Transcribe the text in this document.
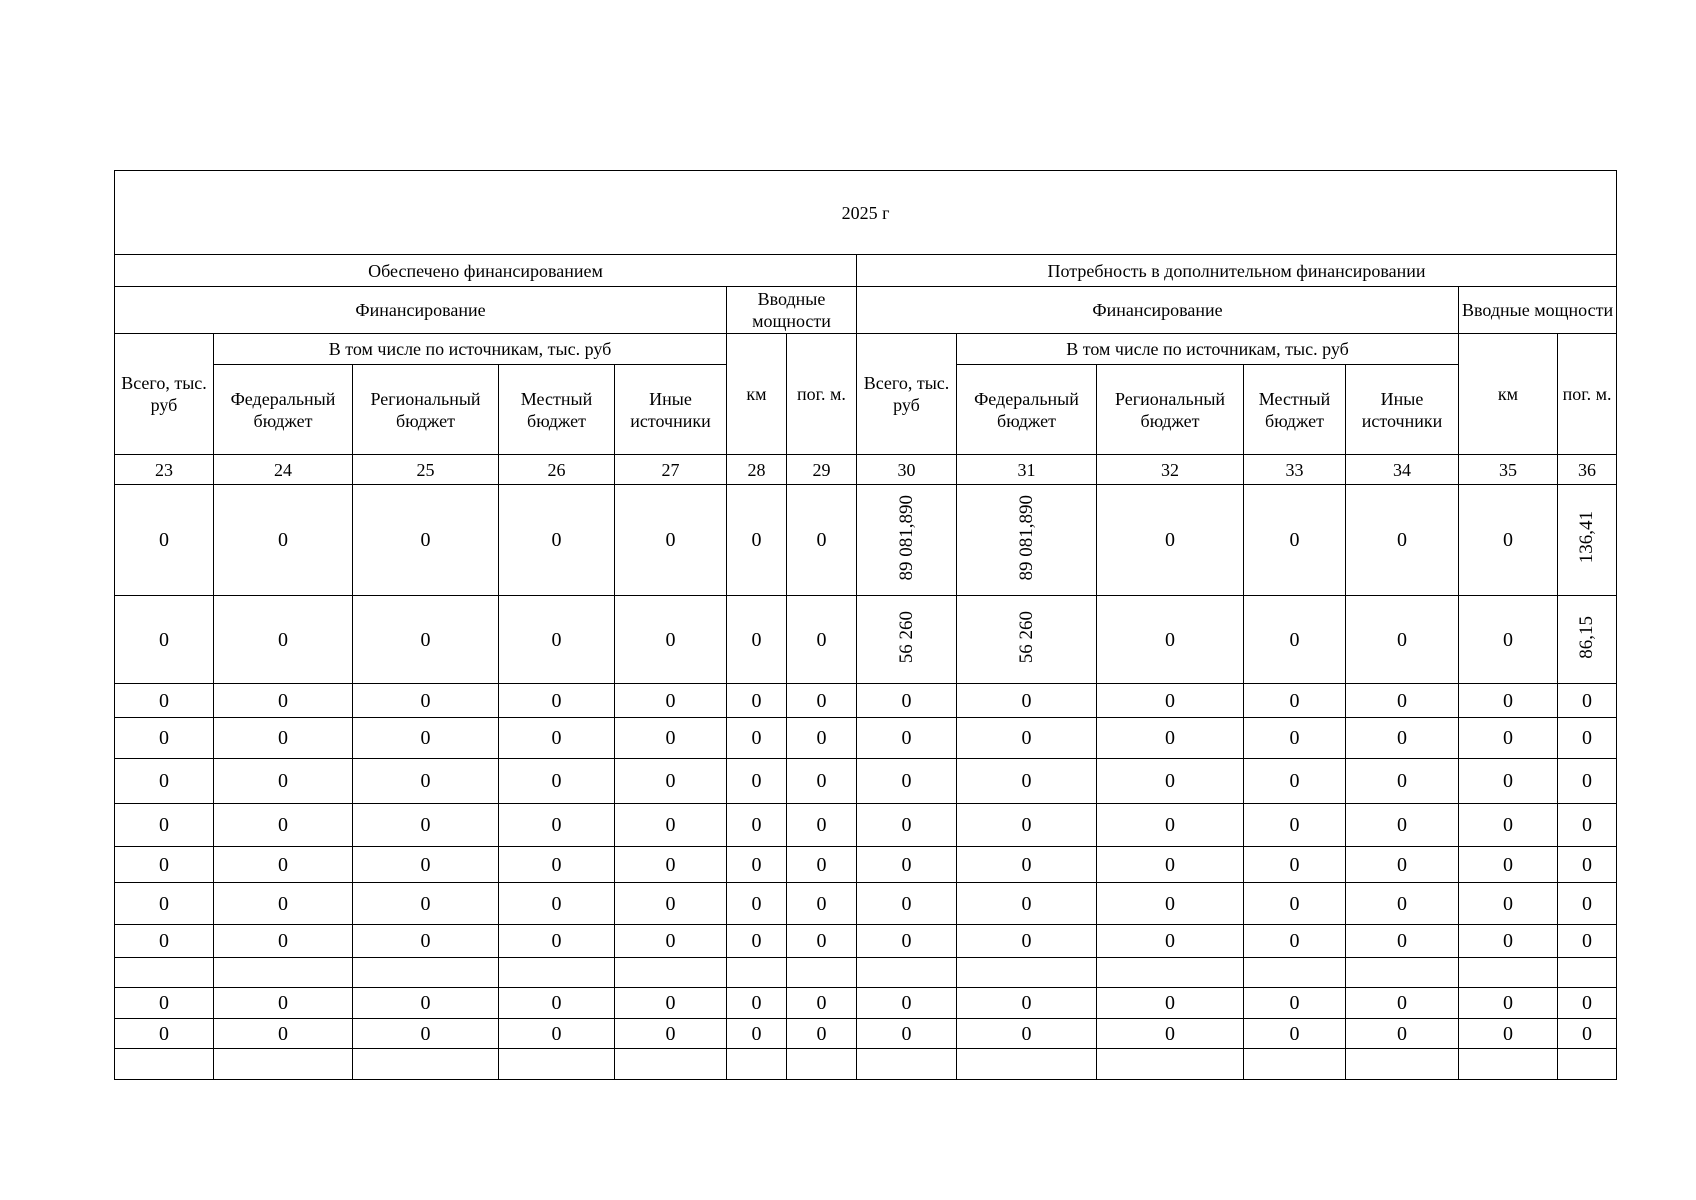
2025 г													
Обеспечено финансированием							Потребность в дополнительном финансировании						
Финансирование					Вводные мощности		Финансирование					Вводные мощности	
Всего, тыс. руб	В том числе по источникам, тыс. руб				км	пог. м.	Всего, тыс. руб	В том числе по источникам, тыс. руб				км	пог. м.
	Федеральный бюджет	Региональный бюджет	Местный бюджет	Иные источники				Федеральный бюджет	Региональный бюджет	Местный бюджет	Иные источники		
23	24	25	26	27	28	29	30	31	32	33	34	35	36
0	0	0	0	0	0	0	89 081,890	89 081,890	0	0	0	0	136,41
0	0	0	0	0	0	0	56 260	56 260	0	0	0	0	86,15
0	0	0	0	0	0	0	0	0	0	0	0	0	0
0	0	0	0	0	0	0	0	0	0	0	0	0	0
0	0	0	0	0	0	0	0	0	0	0	0	0	0
0	0	0	0	0	0	0	0	0	0	0	0	0	0
0	0	0	0	0	0	0	0	0	0	0	0	0	0
0	0	0	0	0	0	0	0	0	0	0	0	0	0
0	0	0	0	0	0	0	0	0	0	0	0	0	0

0	0	0	0	0	0	0	0	0	0	0	0	0	0
0	0	0	0	0	0	0	0	0	0	0	0	0	0
